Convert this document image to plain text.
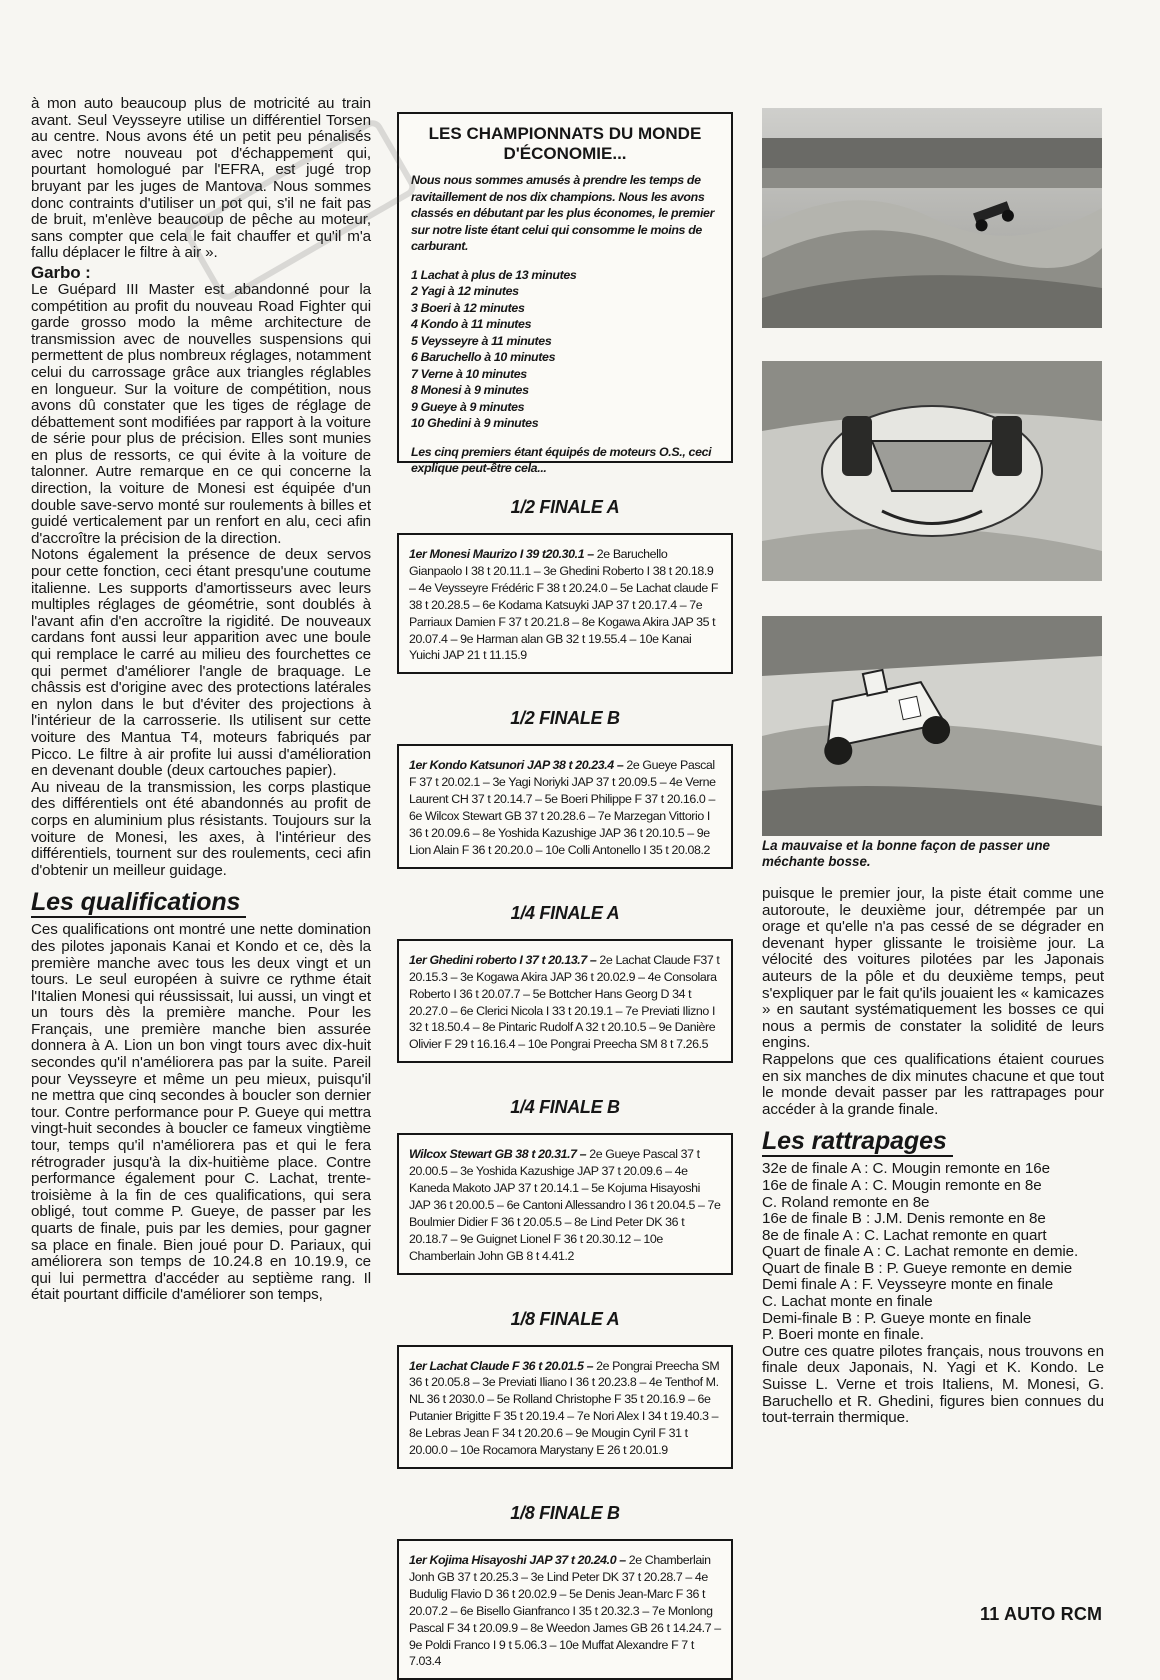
à mon auto beaucoup plus de motricité au train avant. Seul Veysseyre utilise un différentiel Torsen au centre. Nous avons été un petit peu pénalisés avec notre nouveau pot d'échappement qui, pourtant homologué par l'EFRA, est jugé trop bruyant par les juges de Mantova. Nous sommes donc contraints d'utiliser un pot qui, s'il ne fait pas de bruit, m'enlève beaucoup de pêche au moteur, sans compter que cela le fait chauffer et qu'il m'a fallu déplacer le filtre à air ».

Garbo :

Le Guépard III Master est abandonné pour la compétition au profit du nouveau Road Fighter qui garde grosso modo la même architecture de transmission avec de nouvelles suspensions qui permettent de plus nombreux réglages, notamment celui du carrossage grâce aux triangles réglables en longueur. Sur la voiture de compétition, nous avons dû constater que les tiges de réglage de débattement sont modifiées par rapport à la voiture de série pour plus de précision. Elles sont munies en plus de ressorts, ce qui évite à la voiture de talonner. Autre remarque en ce qui concerne la direction, la voiture de Monesi est équipée d'un double save-servo monté sur roulements à billes et guidé verticalement par un renfort en alu, ceci afin d'accroître la précision de la direction.

Notons également la présence de deux servos pour cette fonction, ceci étant presqu'une coutume italienne. Les supports d'amortisseurs avec leurs multiples réglages de géométrie, sont doublés à l'avant afin d'en accroître la rigidité. De nouveaux cardans font aussi leur apparition avec une boule qui remplace le carré au milieu des fourchettes ce qui permet d'améliorer l'angle de braquage. Le châssis est d'origine avec des protections latérales en nylon dans le but d'éviter des projections à l'intérieur de la carrosserie. Ils utilisent sur cette voiture des Mantua T4, moteurs fabriqués par Picco. Le filtre à air profite lui aussi d'amélioration en devenant double (deux cartouches papier).

Au niveau de la transmission, les corps plastique des différentiels ont été abandonnés au profit de corps en aluminium plus résistants. Toujours sur la voiture de Monesi, les axes, à l'intérieur des différentiels, tournent sur des roulements, ceci afin d'obtenir un meilleur guidage.

Les qualifications

Ces qualifications ont montré une nette domination des pilotes japonais Kanai et Kondo et ce, dès la première manche avec tous les deux vingt et un tours. Le seul européen à suivre ce rythme était l'Italien Monesi qui réussissait, lui aussi, un vingt et un tours dès la première manche. Pour les Français, une première manche bien assurée donnera à A. Lion un bon vingt tours avec dix-huit secondes qu'il n'améliorera pas par la suite. Pareil pour Veysseyre et même un peu mieux, puisqu'il ne mettra que cinq secondes à boucler son dernier tour. Contre performance pour P. Gueye qui mettra vingt-huit secondes à boucler ce fameux vingtième tour, temps qu'il n'améliorera pas et qui le fera rétrograder jusqu'à la dix-huitième place. Contre performance également pour C. Lachat, trente- troisième à la fin de ces qualifications, qui sera obligé, tout comme P. Gueye, de passer par les quarts de finale, puis par les demies, pour gagner sa place en finale. Bien joué pour D. Pariaux, qui améliorera son temps de 10.24.8 en 10.19.9, ce qui lui permettra d'accéder au septième rang. Il était pourtant difficile d'améliorer son temps,

LES CHAMPIONNATS DU MONDE
D'ÉCONOMIE...
Nous nous sommes amusés à prendre les temps de ravitaillement de nos dix champions. Nous les avons classés en débutant par les plus économes, le premier sur notre liste étant celui qui consomme le moins de carburant.
1 Lachat à plus de 13 minutes
2 Yagi à 12 minutes
3 Boeri à 12 minutes
4 Kondo à 11 minutes
5 Veysseyre à 11 minutes
6 Baruchello à 10 minutes
7 Verne à 10 minutes
8 Monesi à 9 minutes
9 Gueye à 9 minutes
10 Ghedini à 9 minutes
Les cinq premiers étant équipés de moteurs O.S., ceci explique peut-être cela...
1/2 FINALE A
1er Monesi Maurizo I 39 t20.30.1 – 2e Baruchello Gianpaolo I 38 t 20.11.1 – 3e Ghedini Roberto I 38 t 20.18.9 – 4e Veysseyre Frédéric F 38 t 20.24.0 – 5e Lachat claude F 38 t 20.28.5 – 6e Kodama Katsuyki JAP 37 t 20.17.4 – 7e Parriaux Damien F 37 t 20.21.8 – 8e Kogawa Akira JAP 35 t 20.07.4 – 9e Harman alan GB 32 t 19.55.4 – 10e Kanai Yuichi JAP 21 t 11.15.9
1/2 FINALE B
1er Kondo Katsunori JAP 38 t 20.23.4 – 2e Gueye Pascal F 37 t 20.02.1 – 3e Yagi Noriyki JAP 37 t 20.09.5 – 4e Verne Laurent CH 37 t 20.14.7 – 5e Boeri Philippe F 37 t 20.16.0 – 6e Wilcox Stewart GB 37 t 20.28.6 – 7e Marzegan Vittorio I 36 t 20.09.6 – 8e Yoshida Kazushige JAP 36 t 20.10.5 – 9e Lion Alain F 36 t 20.20.0 – 10e Colli Antonello I 35 t 20.08.2
1/4 FINALE A
1er Ghedini roberto I 37 t 20.13.7 – 2e Lachat Claude F37 t 20.15.3 – 3e Kogawa Akira JAP 36 t 20.02.9 – 4e Consolara Roberto I 36 t 20.07.7 – 5e Bottcher Hans Georg D 34 t 20.27.0 – 6e Clerici Nicola I 33 t 20.19.1 – 7e Previati Ilizno I 32 t 18.50.4 – 8e Pintaric Rudolf A 32 t 20.10.5 – 9e Danière Olivier F 29 t 16.16.4 – 10e Pongrai Preecha SM 8 t 7.26.5
1/4 FINALE B
Wilcox Stewart GB 38 t 20.31.7 – 2e Gueye Pascal 37 t 20.00.5 – 3e Yoshida Kazushige JAP 37 t 20.09.6 – 4e Kaneda Makoto JAP 37 t 20.14.1 – 5e Kojuma Hisayoshi JAP 36 t 20.00.5 – 6e Cantoni Allessandro I 36 t 20.04.5 – 7e Boulmier Didier F 36 t 20.05.5 – 8e Lind Peter DK 36 t 20.18.7 – 9e Guignet Lionel F 36 t 20.30.12 – 10e Chamberlain John GB 8 t 4.41.2
1/8 FINALE A
1er Lachat Claude F 36 t 20.01.5 – 2e Pongrai Preecha SM 36 t 20.05.8 – 3e Previati Iliano I 36 t 20.23.8 – 4e Tenthof M. NL 36 t 2030.0 – 5e Rolland Christophe F 35 t 20.16.9 – 6e Putanier Brigitte F 35 t 20.19.4 – 7e Nori Alex I 34 t 19.40.3 – 8e Lebras Jean F 34 t 20.20.6 – 9e Mougin Cyril F 31 t 20.00.0 – 10e Rocamora Marystany E 26 t 20.01.9
1/8 FINALE B
1er Kojima Hisayoshi JAP 37 t 20.24.0 – 2e Chamberlain Jonh GB 37 t 20.25.3 – 3e Lind Peter DK 37 t 20.28.7 – 4e Budulig Flavio D 36 t 20.02.9 – 5e Denis Jean-Marc F 36 t 20.07.2 – 6e Bisello Gianfranco I 35 t 20.32.3 – 7e Monlong Pascal F 34 t 20.09.9 – 8e Weedon James GB 26 t 14.24.7 – 9e Poldi Franco I 9 t 5.06.3 – 10e Muffat Alexandre F 7 t 7.03.4
La mauvaise et la bonne façon de passer une méchante bosse.

puisque le premier jour, la piste était comme une autoroute, le deuxième jour, détrempée par un orage et qu'elle n'a pas cessé de se dégrader en devenant hyper glissante le troisième jour. La vélocité des voitures pilotées par les Japonais auteurs de la pôle et du deuxième temps, peut s'expliquer par le fait qu'ils jouaient les « kamicazes » en sautant systématiquement les bosses ce qui nous a permis de constater la solidité de leurs engins.

Rappelons que ces qualifications étaient courues en six manches de dix minutes chacune et que tout le monde devait passer par les rattrapages pour accéder à la grande finale.

Les rattrapages

32e de finale A : C. Mougin remonte en 16e

16e de finale A : C. Mougin remonte en 8e

C. Roland remonte en 8e

16e de finale B : J.M. Denis remonte en 8e

8e de finale A : C. Lachat remonte en quart

Quart de finale A : C. Lachat remonte en demie.

Quart de finale B : P. Gueye remonte en demie

Demi finale A : F. Veysseyre monte en finale

C. Lachat monte en finale

Demi-finale B : P. Gueye monte en finale

P. Boeri monte en finale.

Outre ces quatre pilotes français, nous trouvons en finale deux Japonais, N. Yagi et K. Kondo. Le Suisse L. Verne et trois Italiens, M. Monesi, G. Baruchello et R. Ghedini, figures bien connues du tout-terrain thermique.

11 AUTO RCM
